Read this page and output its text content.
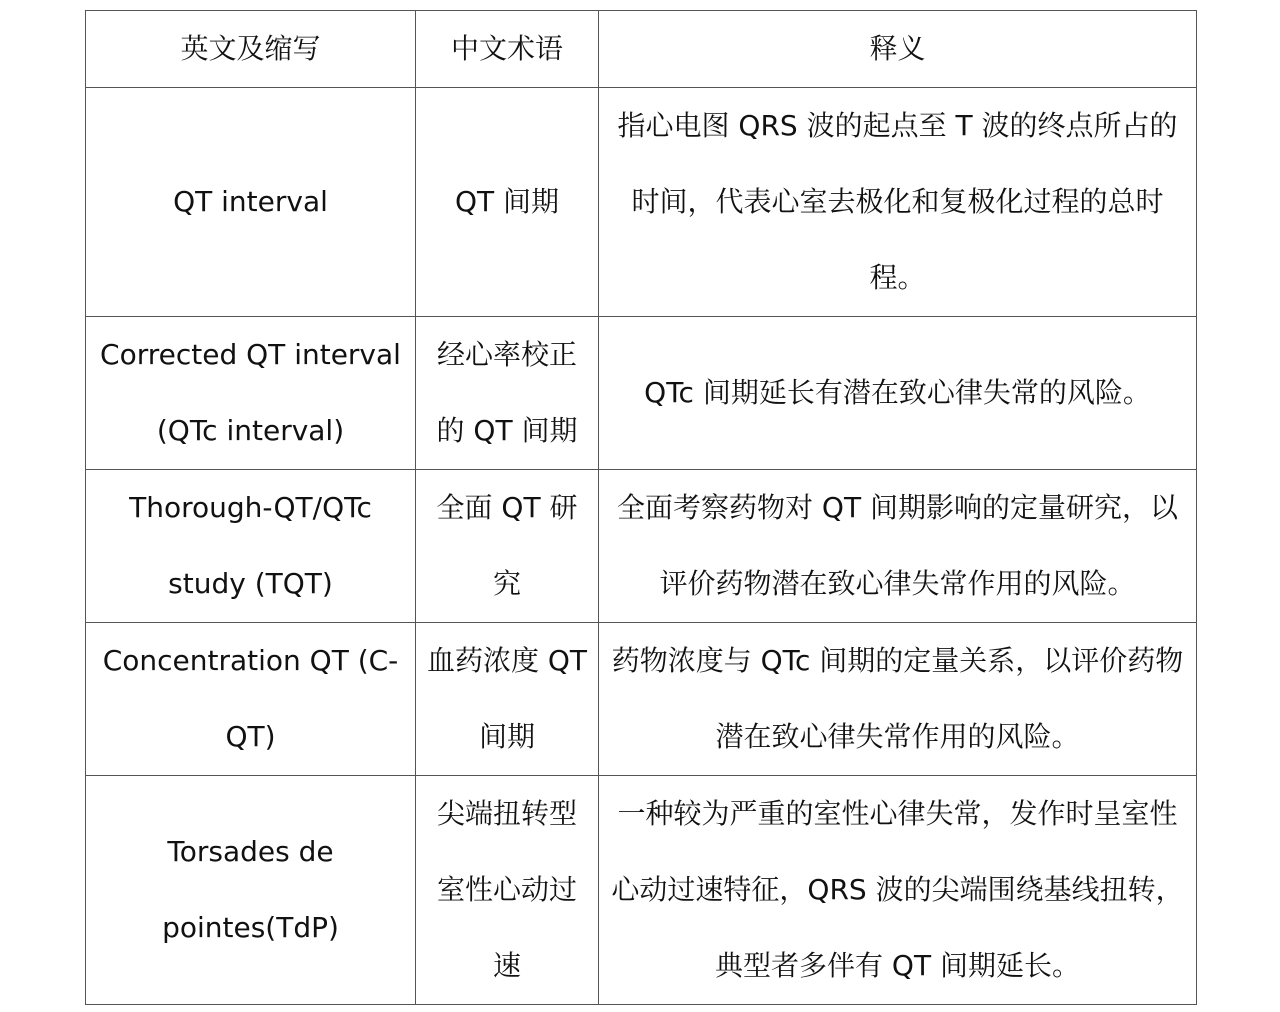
英文及缩写	中文术语	释义
QT interval	QT 间期	指心电图 QRS 波的起点至 T 波的终点所占的时间，代表心室去极化和复极化过程的总时程。
Corrected QT interval (QTc interval)	经心率校正的 QT 间期	QTc 间期延长有潜在致心律失常的风险。
Thorough-QT/QTc study (TQT)	全面 QT 研究	全面考察药物对 QT 间期影响的定量研究，以评价药物潜在致心律失常作用的风险。
Concentration QT (C-QT)	血药浓度 QT 间期	药物浓度与 QTc 间期的定量关系，以评价药物潜在致心律失常作用的风险。
Torsades de pointes(TdP)	尖端扭转型室性心动过速	一种较为严重的室性心律失常，发作时呈室性心动过速特征，QRS 波的尖端围绕基线扭转，典型者多伴有 QT 间期延长。
